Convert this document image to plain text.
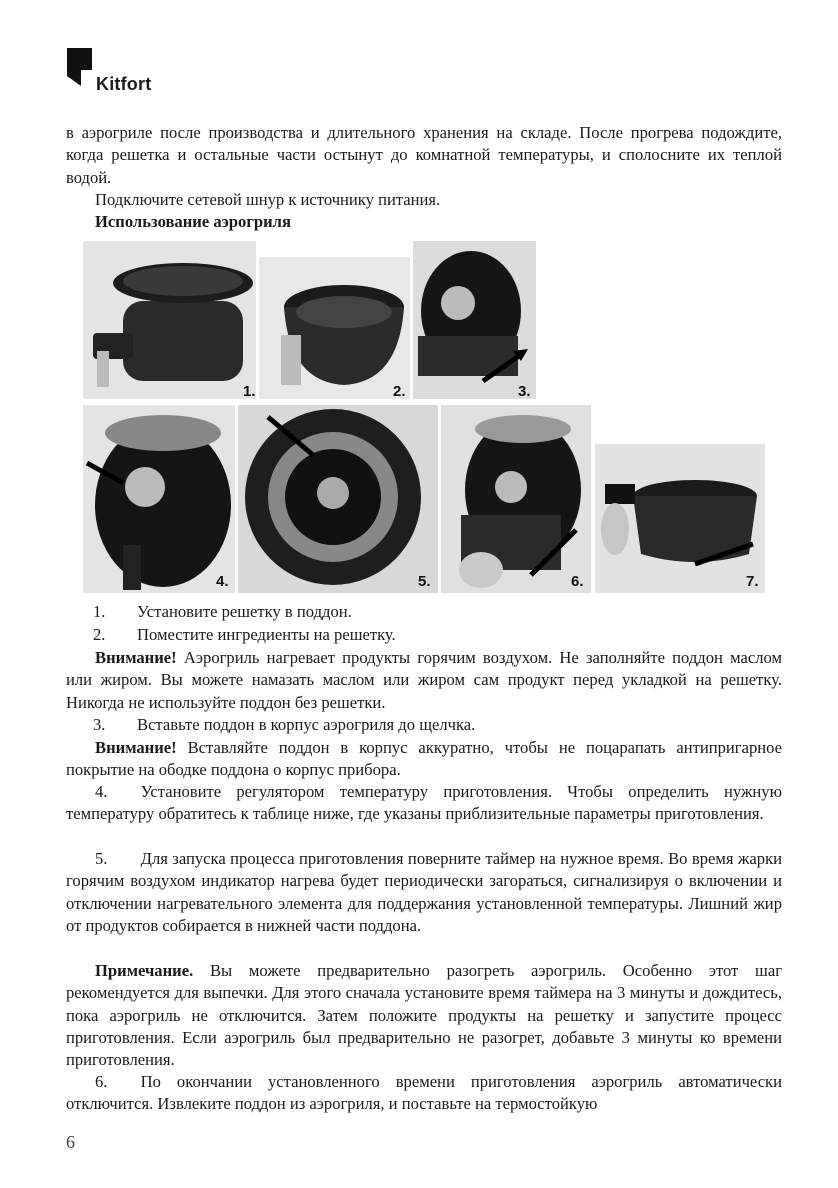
Kitfort

в аэрогриле после производства и длительного хранения на складе. После прогрева подождите, когда решетка и остальные части остынут до комнатной температуры, и сполосните их теплой водой.

Подключите сетевой шнур к источнику питания.

Использование аэрогриля

1.	2.	3.
4.	5.	6.	7.
1. Установите решетку в поддон.
2. Поместите ингредиенты на решетку.

Внимание! Аэрогриль нагревает продукты горячим воздухом. Не заполняйте поддон маслом или жиром. Вы можете намазать маслом или жиром сам продукт перед укладкой на решетку. Никогда не используйте поддон без решетки.

3. Вставьте поддон в корпус аэрогриля до щелчка.

Внимание! Вставляйте поддон в корпус аккуратно, чтобы не поцарапать антипригарное покрытие на ободке поддона о корпус прибора.

4.  Установите регулятором температуру приготовления. Чтобы определить нужную температуру обратитесь к таблице ниже, где указаны приблизительные параметры приготовления.

5.  Для запуска процесса приготовления поверните таймер на нужное время. Во время жарки горячим воздухом индикатор нагрева будет периодически загораться, сигнализируя о включении и отключении нагревательного элемента для поддержания установленной температуры. Лишний жир от продуктов собирается в нижней части поддона.

Примечание. Вы можете предварительно разогреть аэрогриль. Особенно этот шаг рекомендуется для выпечки. Для этого сначала установите время таймера на 3 минуты и дождитесь, пока аэрогриль не отключится. Затем положите продукты на решетку и запустите процесс приготовления. Если аэрогриль был предварительно не разогрет, добавьте 3 минуты ко времени приготовления.

6.  По окончании установленного времени приготовления аэрогриль автоматически отключится. Извлеките поддон из аэрогриля, и поставьте на термостойкую

6
